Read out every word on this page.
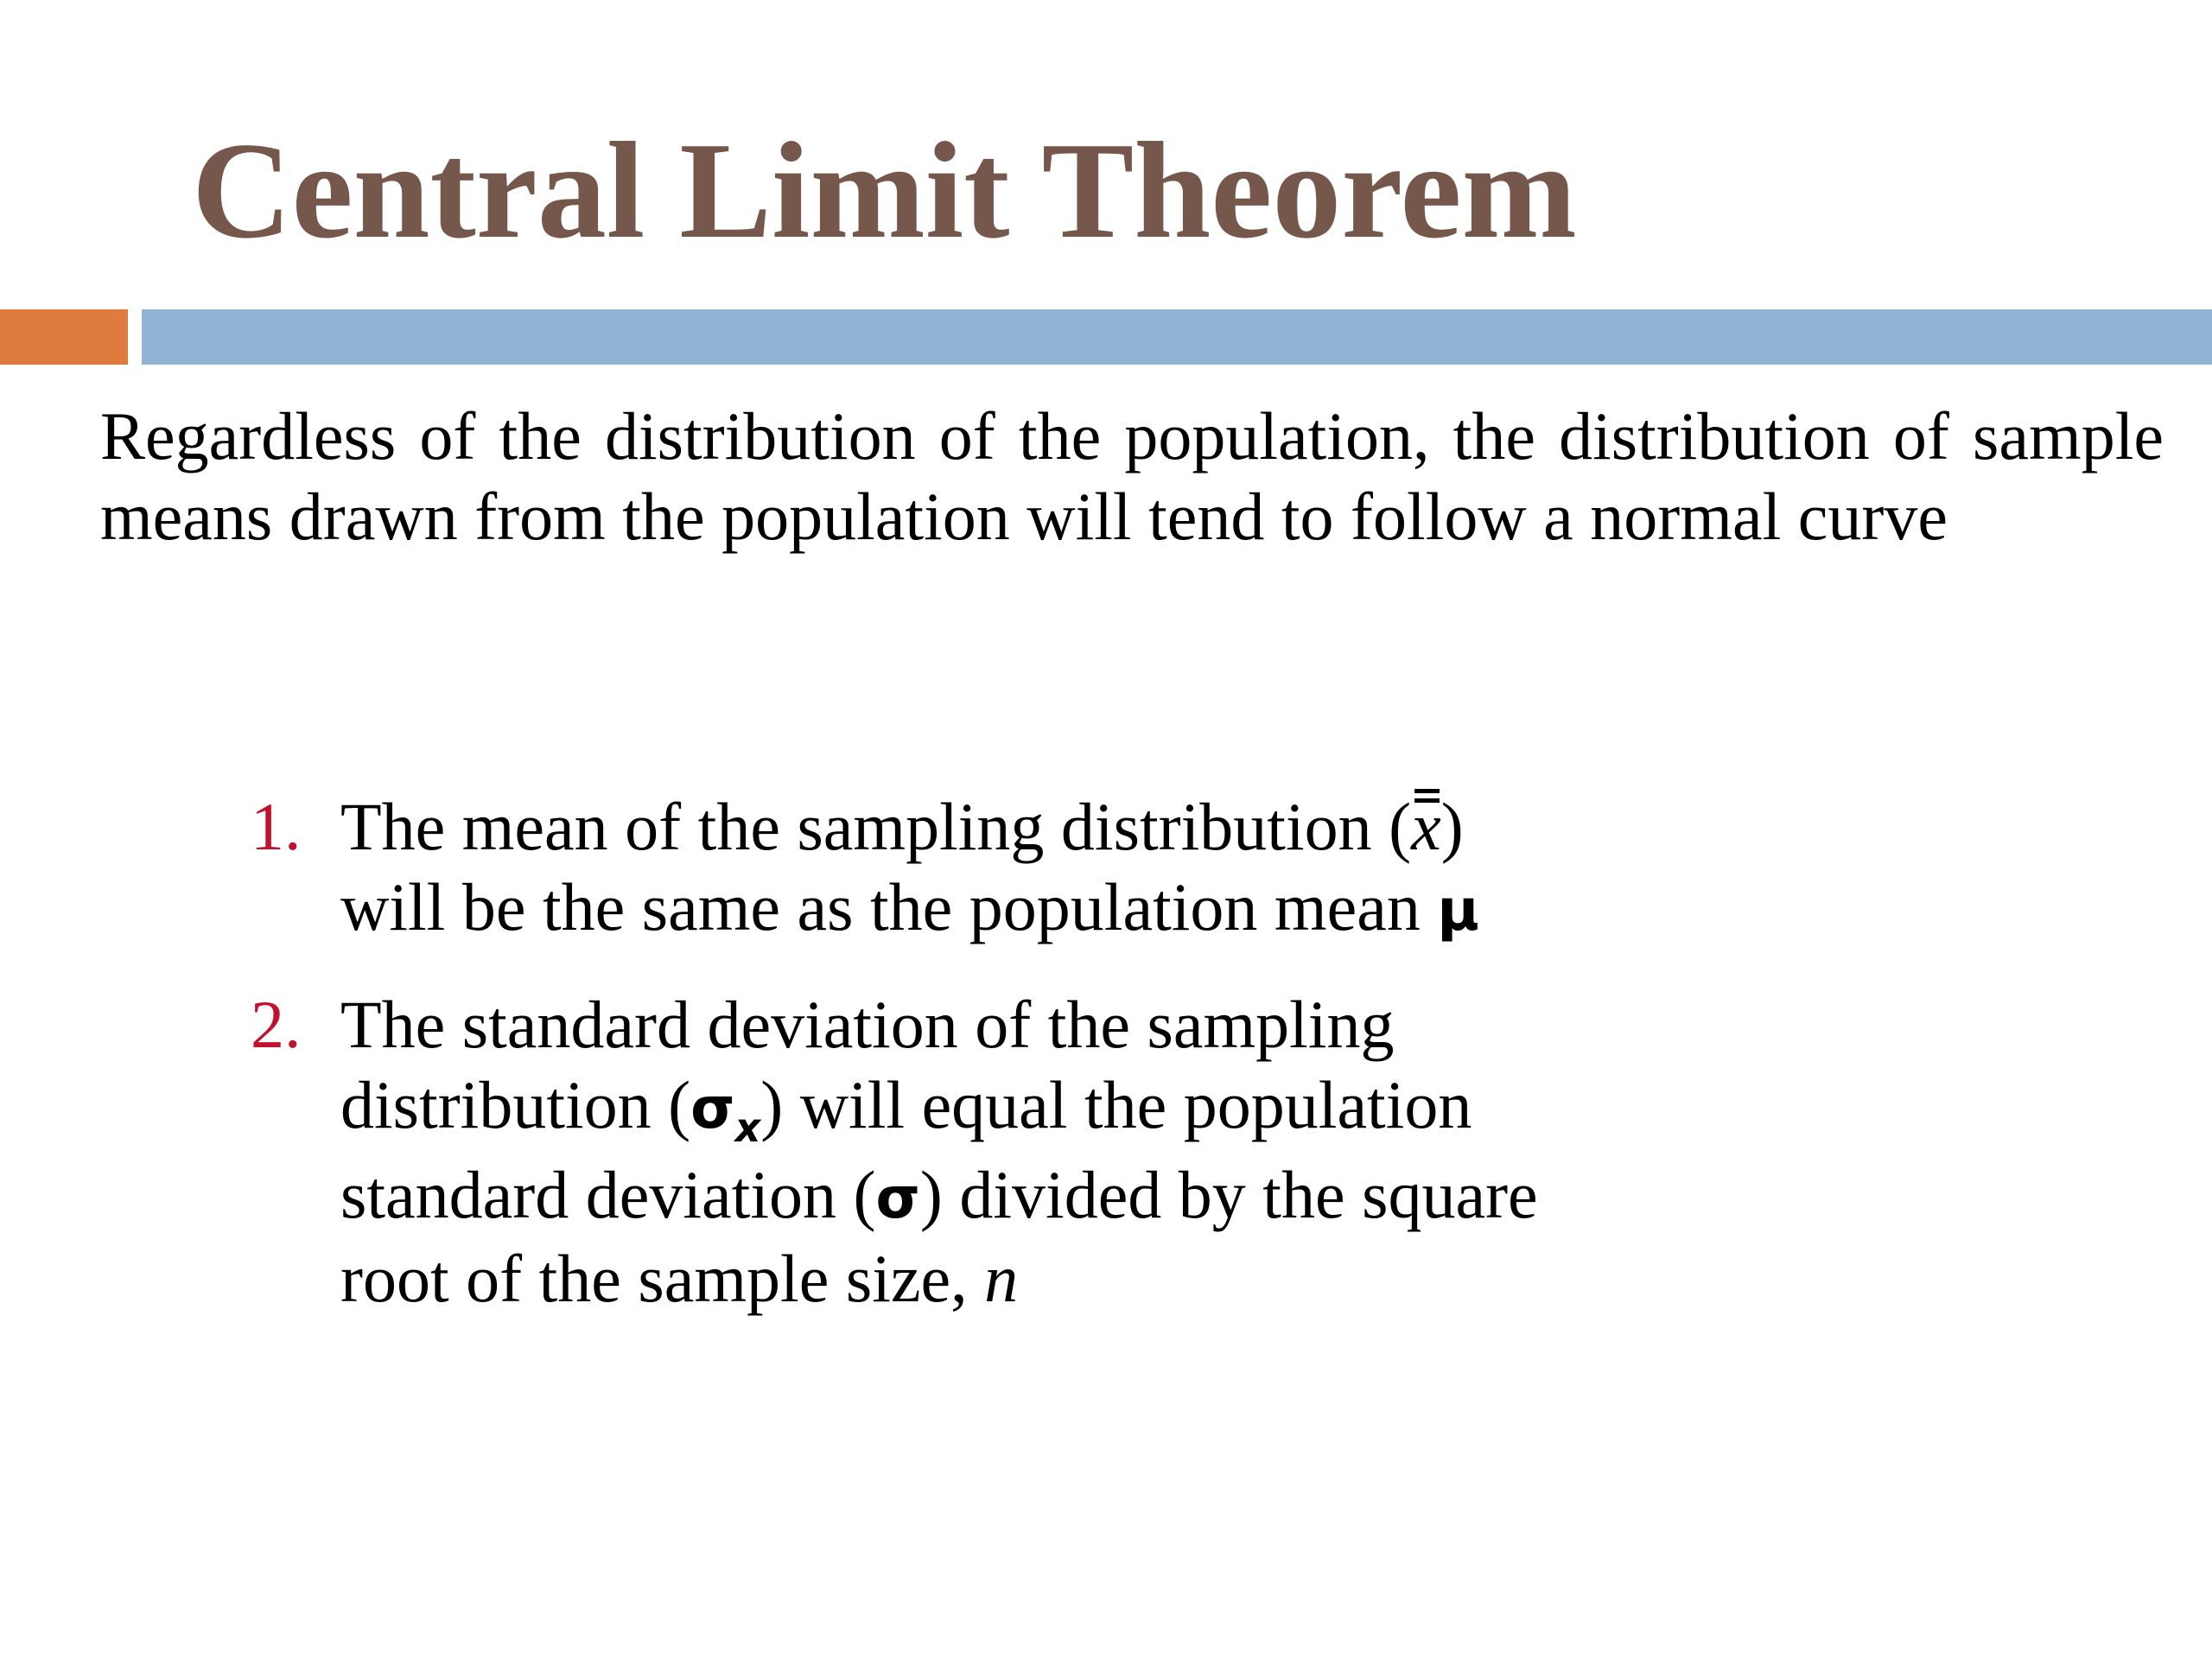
Central Limit Theorem

Regardless of the distribution of the population, the distribution of sample means drawn from the population will tend to follow a normal curve

1. The mean of the sampling distribution (x) will be the same as the population mean μ
2. The standard deviation of the sampling distribution $(\sigma_x)$ will equal the population standard deviation (σ) divided by the square root of the sample size, n
